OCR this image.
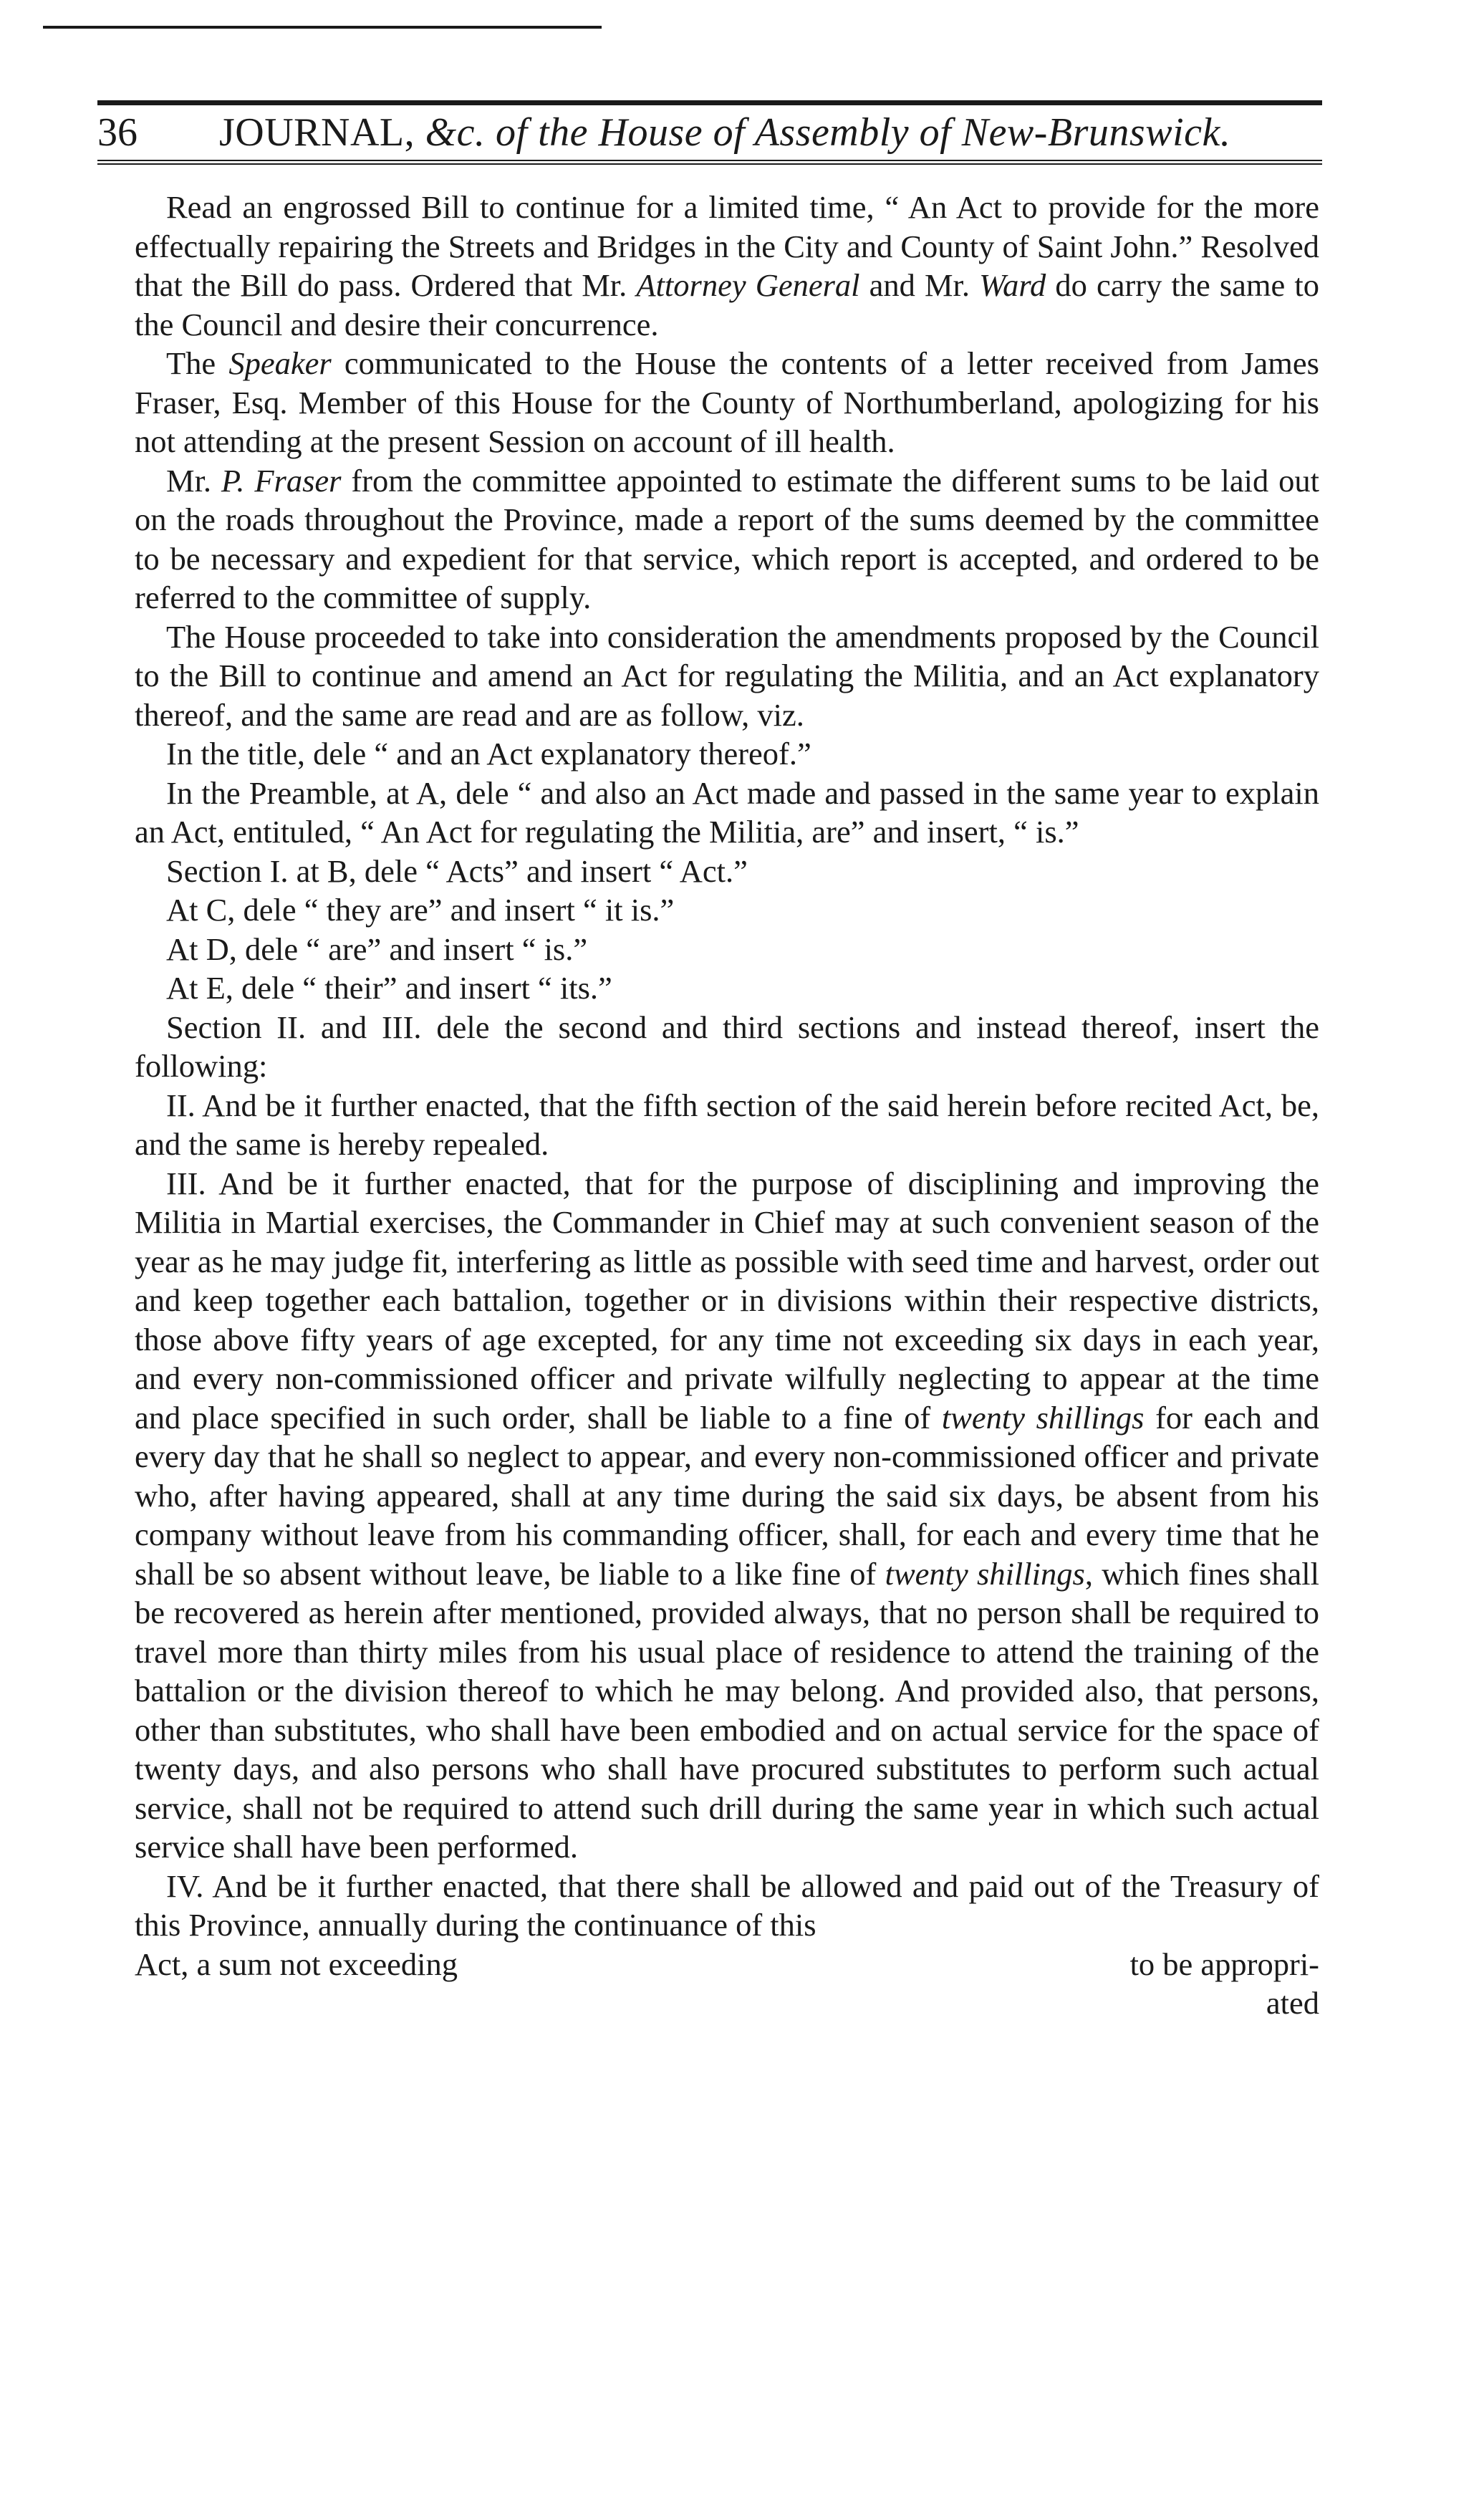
36 JOURNAL, &c. of the House of Assembly of New-Brunswick.

Read an engrossed Bill to continue for a limited time, “ An Act to provide for the more effectually repairing the Streets and Bridges in the City and County of Saint John.” Resolved that the Bill do pass. Ordered that Mr. Attorney General and Mr. Ward do carry the same to the Council and desire their concurrence.

The Speaker communicated to the House the contents of a letter received from James Fraser, Esq. Member of this House for the County of Northumberland, apologizing for his not attending at the present Session on account of ill health.

Mr. P. Fraser from the committee appointed to estimate the different sums to be laid out on the roads throughout the Province, made a report of the sums deemed by the committee to be necessary and expedient for that service, which report is accepted, and ordered to be referred to the committee of supply.

The House proceeded to take into consideration the amendments proposed by the Council to the Bill to continue and amend an Act for regulating the Militia, and an Act explanatory thereof, and the same are read and are as follow, viz.

In the title, dele “ and an Act explanatory thereof.”

In the Preamble, at A, dele “ and also an Act made and passed in the same year to explain an Act, entituled, “ An Act for regulating the Militia, are” and insert, “ is.”

Section I. at B, dele “ Acts” and insert “ Act.”

At C, dele “ they are” and insert “ it is.”

At D, dele “ are” and insert “ is.”

At E, dele “ their” and insert “ its.”

Section II. and III. dele the second and third sections and instead thereof, insert the following:

II. And be it further enacted, that the fifth section of the said herein before recited Act, be, and the same is hereby repealed.

III. And be it further enacted, that for the purpose of disciplining and improving the Militia in Martial exercises, the Commander in Chief may at such convenient season of the year as he may judge fit, interfering as little as possible with seed time and harvest, order out and keep together each battalion, together or in divisions within their respective districts, those above fifty years of age excepted, for any time not exceeding six days in each year, and every non-commissioned officer and private wilfully neglecting to appear at the time and place specified in such order, shall be liable to a fine of twenty shillings for each and every day that he shall so neglect to appear, and every non-commissioned officer and private who, after having appeared, shall at any time during the said six days, be absent from his company without leave from his commanding officer, shall, for each and every time that he shall be so absent without leave, be liable to a like fine of twenty shillings, which fines shall be recovered as herein after mentioned, provided always, that no person shall be required to travel more than thirty miles from his usual place of residence to attend the training of the battalion or the division thereof to which he may belong. And provided also, that persons, other than substitutes, who shall have been embodied and on actual service for the space of twenty days, and also persons who shall have procured substitutes to perform such actual service, shall not be required to attend such drill during the same year in which such actual service shall have been performed.

IV. And be it further enacted, that there shall be allowed and paid out of the Treasury of this Province, annually during the continuance of this

Act, a sum not exceeding	to be appropri-
ated
